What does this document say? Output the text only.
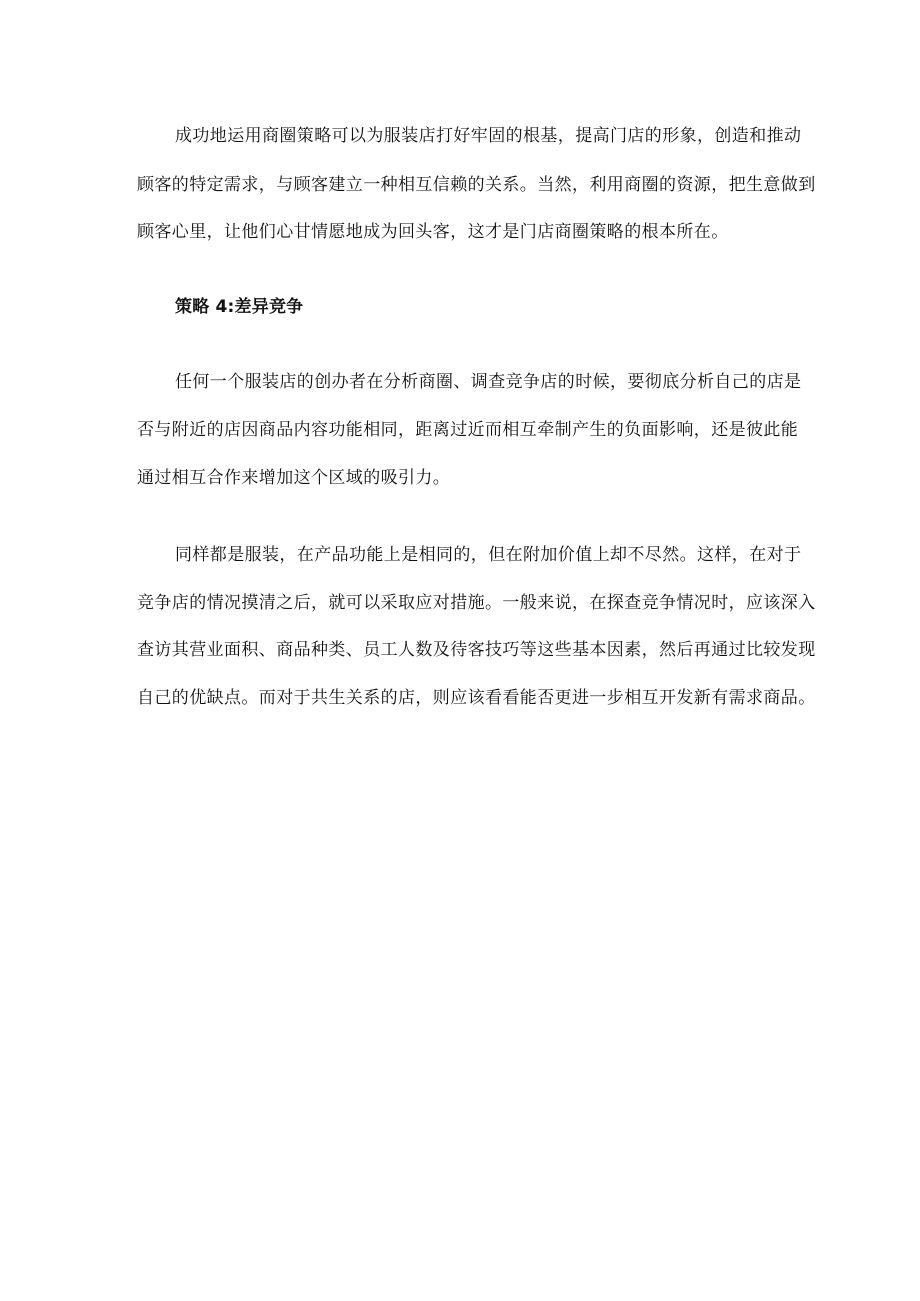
成功地运用商圈策略可以为服装店打好牢固的根基，提高门店的形象，创造和推动

顾客的特定需求，与顾客建立一种相互信赖的关系。当然，利用商圈的资源，把生意做到

顾客心里，让他们心甘情愿地成为回头客，这才是门店商圈策略的根本所在。

策略 4:差异竞争

任何一个服装店的创办者在分析商圈、调查竞争店的时候，要彻底分析自己的店是

否与附近的店因商品内容功能相同，距离过近而相互牵制产生的负面影响，还是彼此能

通过相互合作来增加这个区域的吸引力。

同样都是服装，在产品功能上是相同的，但在附加价值上却不尽然。这样，在对于

竞争店的情况摸清之后，就可以采取应对措施。一般来说，在探查竞争情况时，应该深入

查访其营业面积、商品种类、员工人数及待客技巧等这些基本因素，然后再通过比较发现

自己的优缺点。而对于共生关系的店，则应该看看能否更进一步相互开发新有需求商品。
